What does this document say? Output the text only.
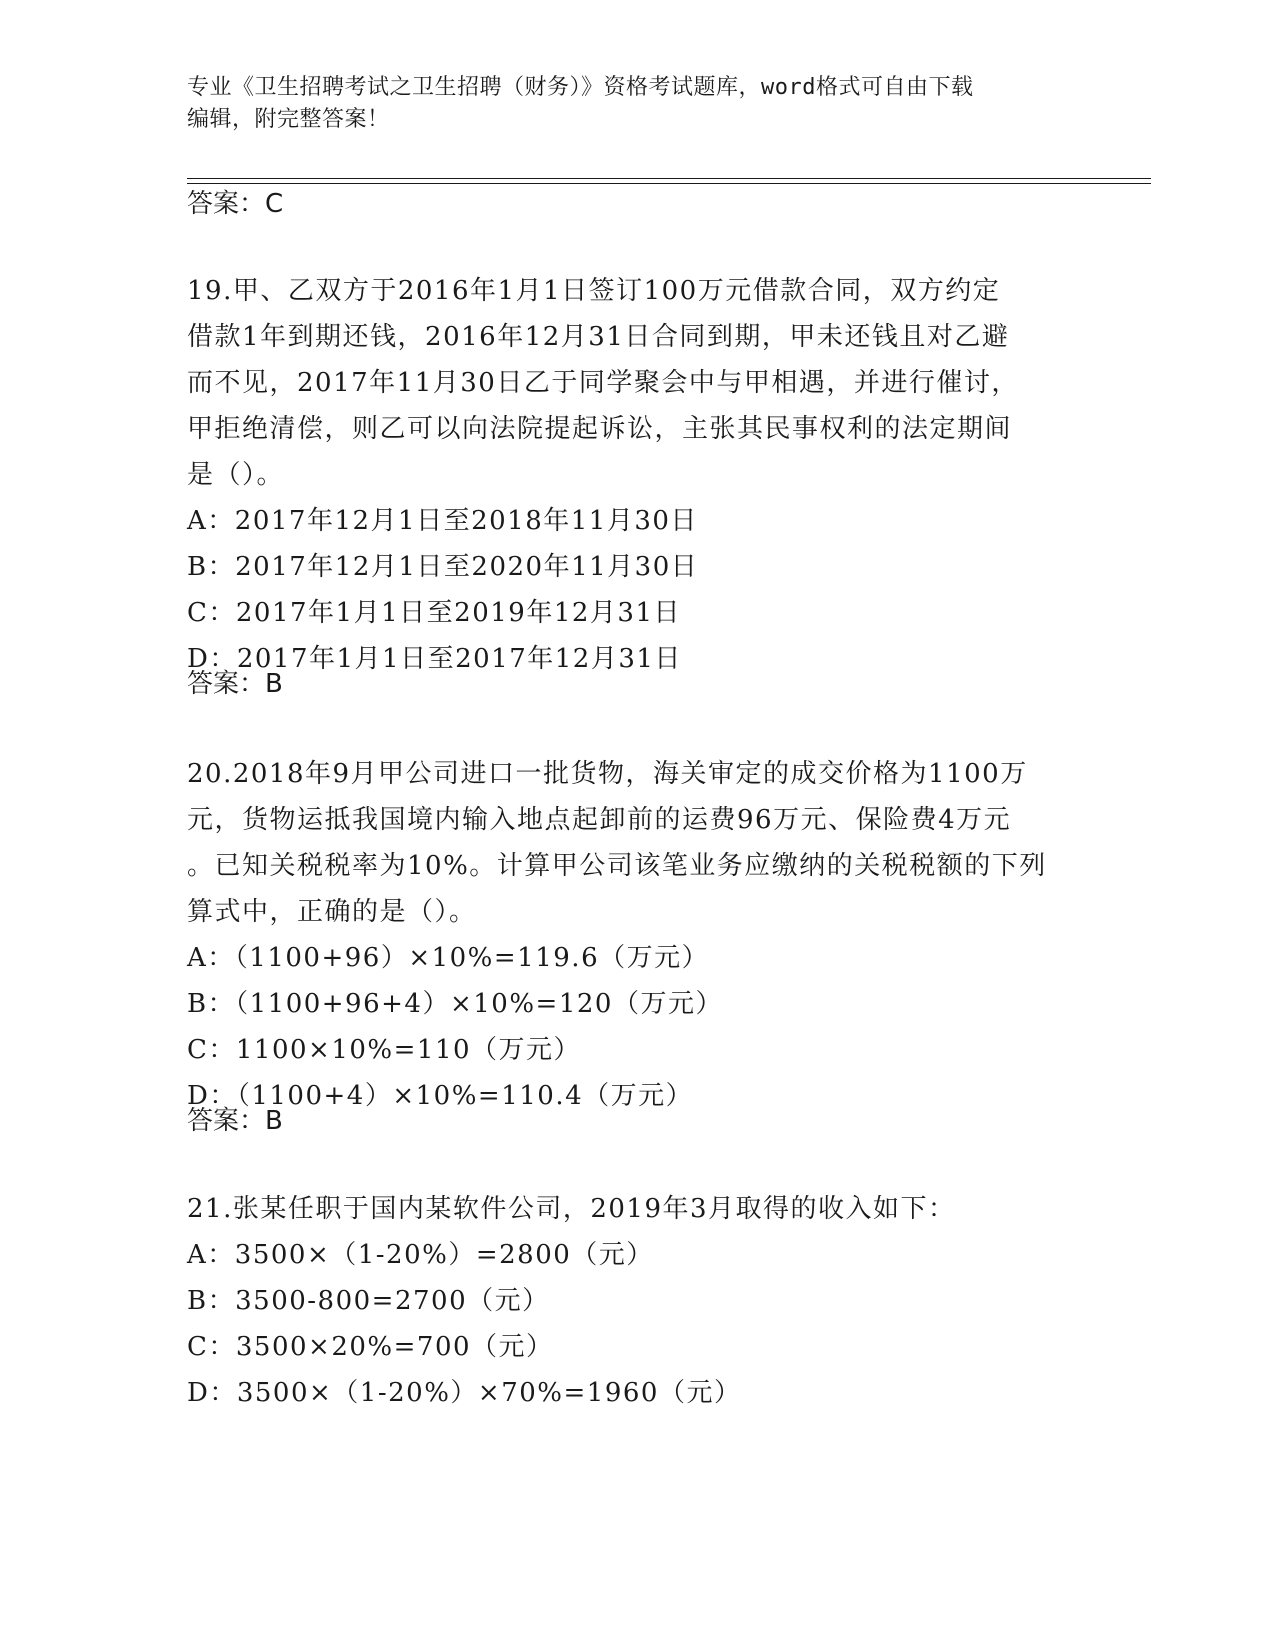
专业《卫生招聘考试之卫生招聘（财务）》资格考试题库，word格式可自由下载
编辑，附完整答案！
答案：C

19.甲、乙双方于2016年1月1日签订100万元借款合同，双方约定

借款1年到期还钱，2016年12月31日合同到期，甲未还钱且对乙避

而不见，2017年11月30日乙于同学聚会中与甲相遇，并进行催讨，

甲拒绝清偿，则乙可以向法院提起诉讼，主张其民事权利的法定期间

是（）。

A：2017年12月1日至2018年11月30日

B：2017年12月1日至2020年11月30日

C：2017年1月1日至2019年12月31日

D：2017年1月1日至2017年12月31日

答案：B

20.2018年9月甲公司进口一批货物，海关审定的成交价格为1100万

元，货物运抵我国境内输入地点起卸前的运费96万元、保险费4万元

。已知关税税率为10%。计算甲公司该笔业务应缴纳的关税税额的下列

算式中，正确的是（）。

A：（1100+96）×10%=119.6（万元）

B：（1100+96+4）×10%=120（万元）

C：1100×10%=110（万元）

D：（1100+4）×10%=110.4（万元）

答案：B

21.张某任职于国内某软件公司，2019年3月取得的收入如下：

A：3500×（1-20%）=2800（元）

B：3500-800=2700（元）

C：3500×20%=700（元）

D：3500×（1-20%）×70%=1960（元）
